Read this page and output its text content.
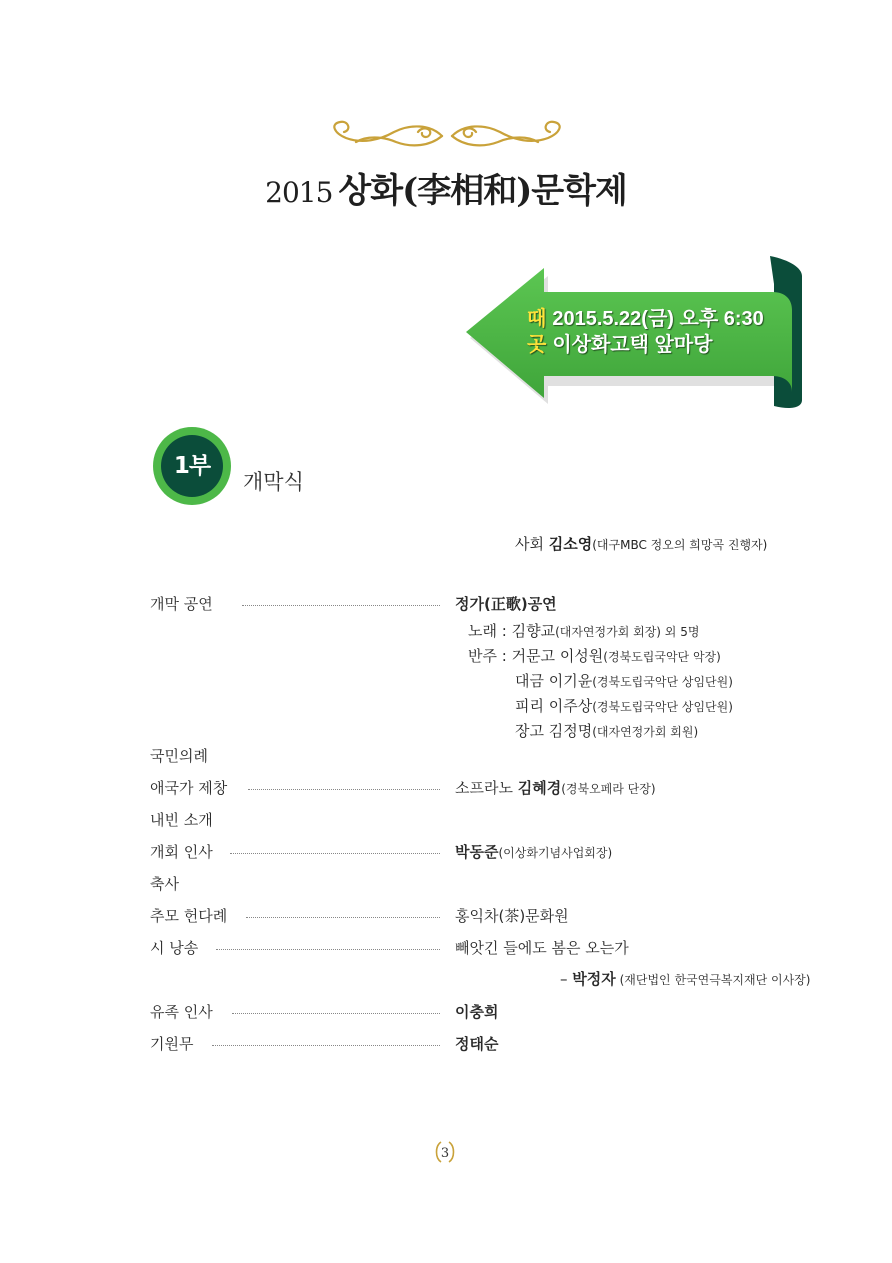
2015 상화(李相和)문학제
때 2015.5.22(금) 오후 6:30
곳 이상화고택 앞마당
1부
개막식
사회 김소영(대구MBC 정오의 희망곡 진행자)
개막 공연	정가(正歌)공연
노래 : 김향교(대자연정가회 회장) 외 5명
반주 : 거문고 이성원(경북도립국악단 악장)
대금 이기윤(경북도립국악단 상임단원)
피리 이주상(경북도립국악단 상임단원)
장고 김정명(대자연정가회 회원)
국민의례
애국가 제창	소프라노 김혜경(경북오페라 단장)
내빈 소개
개회 인사	박동준(이상화기념사업회장)
축사
추모 헌다례	홍익차(茶)문화원
시 낭송	빼앗긴 들에도 봄은 오는가
– 박정자 (재단법인 한국연극복지재단 이사장)
유족 인사	이충희
기원무	정태순
3
